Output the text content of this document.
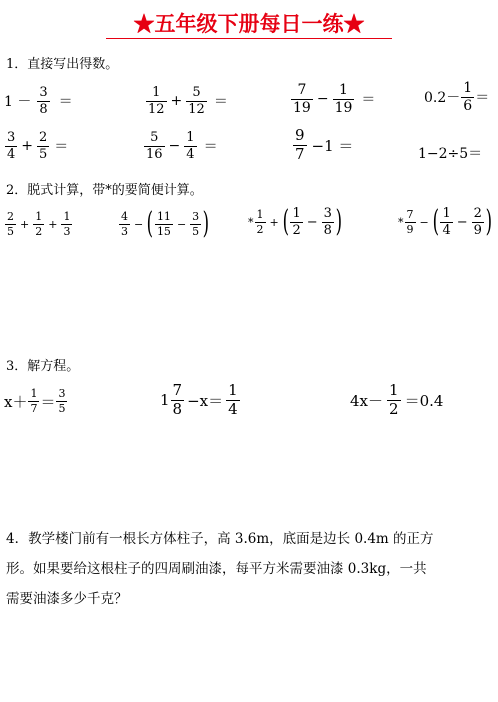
★五年级下册每日一练★
1．直接写出得数。
$1 - \frac{3}{8}$ ＝	$\frac{1}{12} + \frac{5}{12}$ ＝	$\frac{7}{19} - \frac{1}{19}$ ＝	$0.2- \frac{1}{6}$ ＝
$\frac{3}{4} + \frac{2}{5}$ ＝	$\frac{5}{16} - \frac{1}{4}$ ＝	$\frac{9}{7} -1$ ＝	1−2÷5＝
2．脱式计算，带*的要简便计算。
$\frac{2}{5} + \frac{1}{2} + \frac{1}{3}$	$\frac{4}{3}$ − ( $\frac{11}{15} - \frac{3}{5}$ )	* $\frac{1}{2}$ + ( $\frac{1}{2} - \frac{3}{8}$ )	* $\frac{7}{9}$ − ( $\frac{1}{4} - \frac{2}{9}$ )
3．解方程。
$x+ \frac{1}{7} = \frac{3}{5}$	$1 \frac{7}{8} -x= \frac{1}{4}$	$4x- \frac{1}{2} =0.4$
4．教学楼门前有一根长方体柱子，高 3.6m，底面是边长 0.4m 的正方
形。如果要给这根柱子的四周刷油漆，每平方米需要油漆 0.3kg，一共
需要油漆多少千克？
